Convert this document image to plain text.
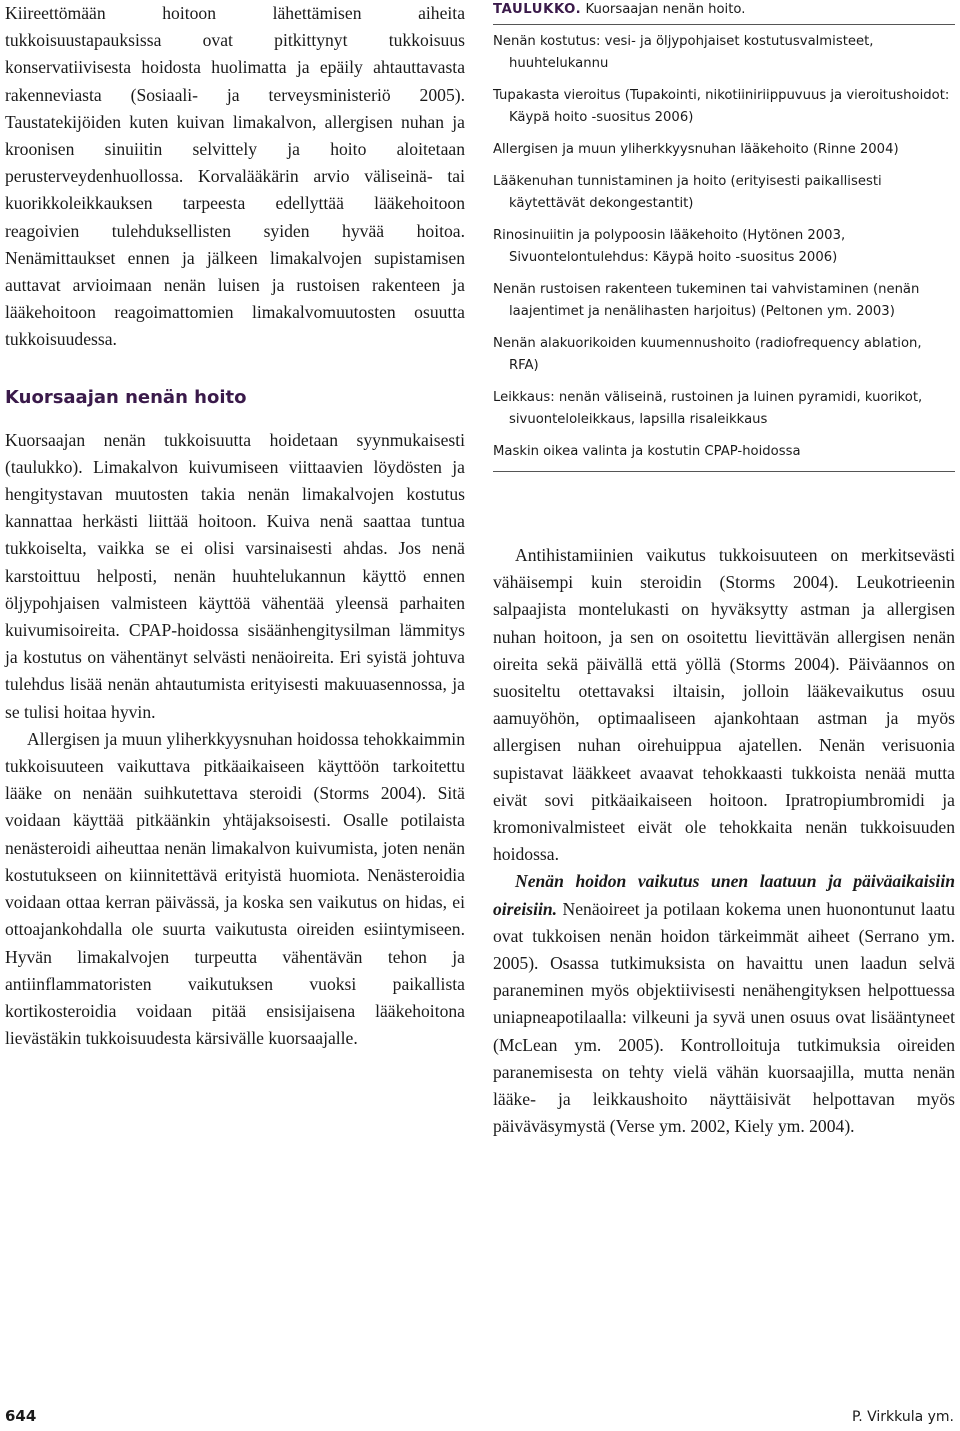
Kiireettömään hoitoon lähettämisen aiheita tukkoisuustapauksissa ovat pitkittynyt tukkoisuus konservatiivisesta hoidosta huolimatta ja epäily ahtauttavasta rakenneviasta (Sosiaali- ja terveysministeriö 2005). Taustatekijöiden kuten kuivan limakalvon, allergisen nuhan ja kroonisen sinuiitin selvittely ja hoito aloitetaan perusterveydenhuollossa. Korvalääkärin arvio väliseinä- tai kuorikkoleikkauksen tarpeesta edellyttää lääkehoitoon reagoivien tulehduksellisten syiden hyvää hoitoa. Nenämittaukset ennen ja jälkeen limakalvojen supistamisen auttavat arvioimaan nenän luisen ja rustoisen rakenteen ja lääkehoitoon reagoimattomien limakalvomuutosten osuutta tukkoisuudessa.

Kuorsaajan nenän hoito

Kuorsaajan nenän tukkoisuutta hoidetaan syynmukaisesti (taulukko). Limakalvon kuivumiseen viittaavien löydösten ja hengitystavan muutosten takia nenän limakalvojen kostutus kannattaa herkästi liittää hoitoon. Kuiva nenä saattaa tuntua tukkoiselta, vaikka se ei olisi varsinaisesti ahdas. Jos nenä karstoittuu helposti, nenän huuhtelukannun käyttö ennen öljypohjaisen valmisteen käyttöä vähentää yleensä parhaiten kuivumisoireita. CPAP-hoidossa sisäänhengitysilman lämmitys ja kostutus on vähentänyt selvästi nenäoireita. Eri syistä johtuva tulehdus lisää nenän ahtautumista erityisesti makuuasennossa, ja se tulisi hoitaa hyvin.

Allergisen ja muun yliherkkyysnuhan hoidossa tehokkaimmin tukkoisuuteen vaikuttava pitkäaikaiseen käyttöön tarkoitettu lääke on nenään suihkutettava steroidi (Storms 2004). Sitä voidaan käyttää pitkäänkin yhtäjaksoisesti. Osalle potilaista nenästeroidi aiheuttaa nenän limakalvon kuivumista, joten nenän kostutukseen on kiinnitettävä erityistä huomiota. Nenästeroidia voidaan ottaa kerran päivässä, ja koska sen vaikutus on hidas, ei ottoajankohdalla ole suurta vaikutusta oireiden esiintymiseen. Hyvän limakalvojen turpeutta vähentävän tehon ja antiinflammatoristen vaikutuksen vuoksi paikallista kortikosteroidia voidaan pitää ensisijaisena lääkehoitona lievästäkin tukkoisuudesta kärsivälle kuorsaajalle.

TAULUKKO. Kuorsaajan nenän hoito.
Nenän kostutus: vesi- ja öljypohjaiset kostutusvalmisteet, huuhtelukannu
Tupakasta vieroitus (Tupakointi, nikotiiniriippuvuus ja vieroitushoidot: Käypä hoito -suositus 2006)
Allergisen ja muun yliherkkyysnuhan lääkehoito (Rinne 2004)
Lääkenuhan tunnistaminen ja hoito (erityisesti paikallisesti käytettävät dekongestantit)
Rinosinuiitin ja polypoosin lääkehoito (Hytönen 2003, Sivuontelontulehdus: Käypä hoito -suositus 2006)
Nenän rustoisen rakenteen tukeminen tai vahvistaminen (nenän laajentimet ja nenälihasten harjoitus) (Peltonen ym. 2003)
Nenän alakuorikoiden kuumennushoito (radiofrequency ablation, RFA)
Leikkaus: nenän väliseinä, rustoinen ja luinen pyramidi, kuorikot, sivuonteloleikkaus, lapsilla risaleikkaus
Maskin oikea valinta ja kostutin CPAP-hoidossa

Antihistamiinien vaikutus tukkoisuuteen on merkitsevästi vähäisempi kuin steroidin (Storms 2004). Leukotrieenin salpaajista montelukasti on hyväksytty astman ja allergisen nuhan hoitoon, ja sen on osoitettu lievittävän allergisen nenän oireita sekä päivällä että yöllä (Storms 2004). Päiväannos on suositeltu otettavaksi iltaisin, jolloin lääkevaikutus osuu aamuyöhön, optimaaliseen ajankohtaan astman ja myös allergisen nuhan oirehuippua ajatellen. Nenän verisuonia supistavat lääkkeet avaavat tehokkaasti tukkoista nenää mutta eivät sovi pitkäaikaiseen hoitoon. Ipratropiumbromidi ja kromonivalmisteet eivät ole tehokkaita nenän tukkoisuuden hoidossa.

Nenän hoidon vaikutus unen laatuun ja päiväaikaisiin oireisiin. Nenäoireet ja potilaan kokema unen huonontunut laatu ovat tukkoisen nenän hoidon tärkeimmät aiheet (Serrano ym. 2005). Osassa tutkimuksista on havaittu unen laadun selvä paraneminen myös objektiivisesti nenähengityksen helpottuessa uniapneapotilaalla: vilkeuni ja syvä unen osuus ovat lisääntyneet (McLean ym. 2005). Kontrolloituja tutkimuksia oireiden paranemisesta on tehty vielä vähän kuorsaajilla, mutta nenän lääke- ja leikkaushoito näyttäisivät helpottavan myös päiväväsymystä (Verse ym. 2002, Kiely ym. 2004).

644	P. Virkkula ym.
